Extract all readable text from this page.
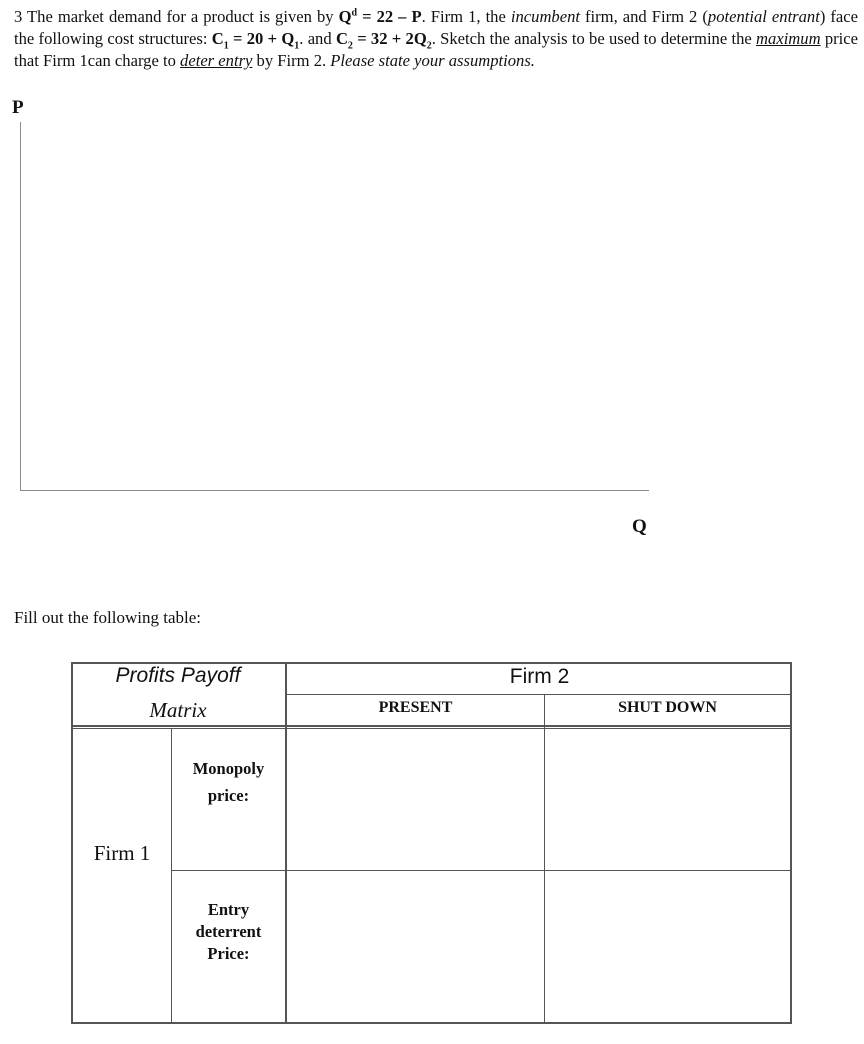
3 The market demand for a product is given by $Q^d = 22 - P$. Firm 1, the incumbent firm, and Firm 2 (potential entrant) face the following cost structures: $C_1 = 20 + Q_1$. and $C_2 = 32 + 2Q_2$. Sketch the analysis to be used to determine the maximum price that Firm 1can charge to deter entry by Firm 2. Please state your assumptions.
P
Q
Fill out the following table:
Profits Payoff
Matrix
Firm 2
PRESENT	SHUT DOWN
Firm 1
Monopoly
price:
Entry
deterrent
Price:
